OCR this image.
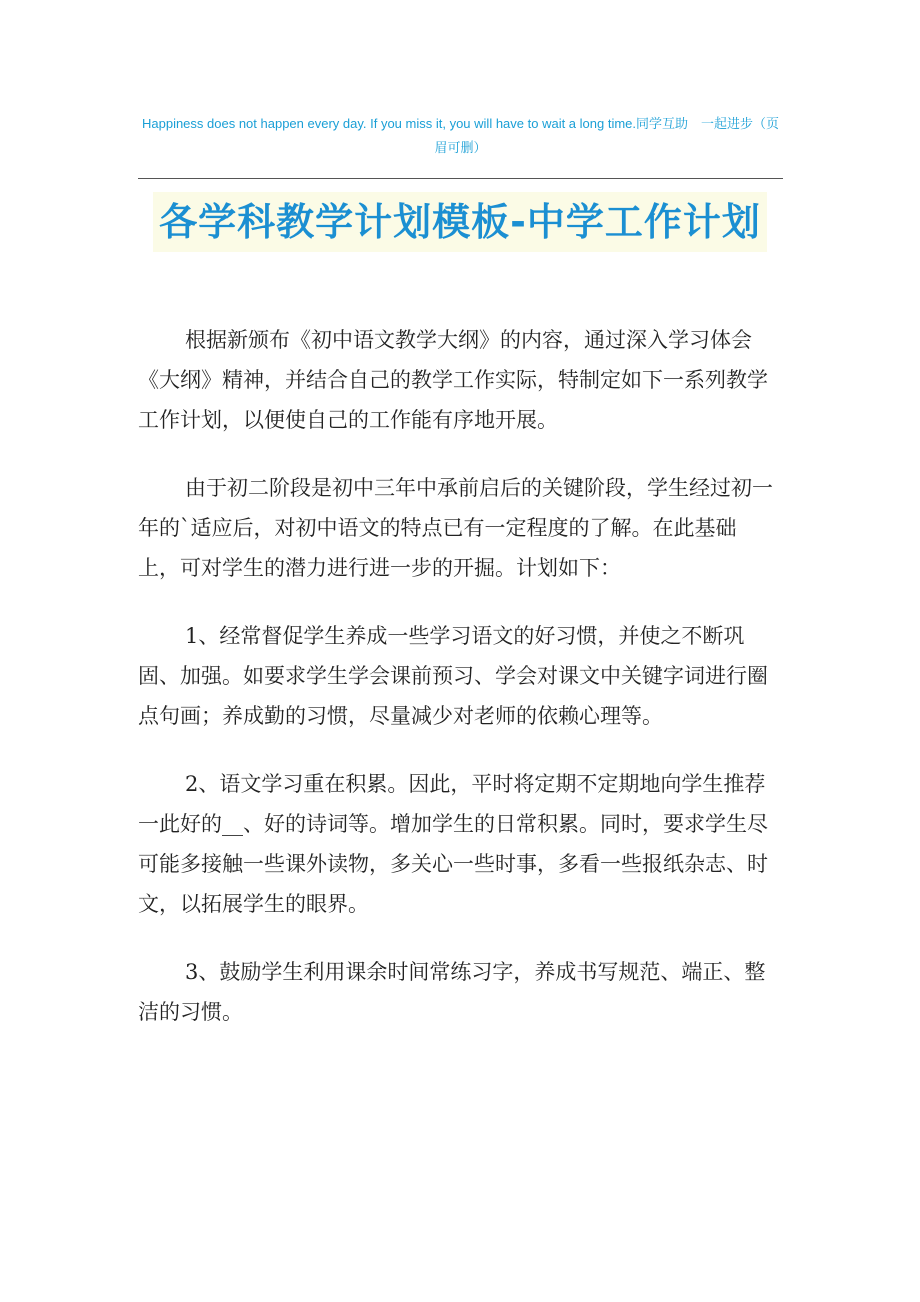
Happiness does not happen every day. If you miss it, you will have to wait a long time.同学互助　一起进步（页眉可删）
各学科教学计划模板-中学工作计划

根据新颁布《初中语文教学大纲》的内容，通过深入学习体会《大纲》精神，并结合自己的教学工作实际，特制定如下一系列教学工作计划，以便使自己的工作能有序地开展。

由于初二阶段是初中三年中承前启后的关键阶段，学生经过初一年的`适应后，对初中语文的特点已有一定程度的了解。在此基础上，可对学生的潜力进行进一步的开掘。计划如下：

1、经常督促学生养成一些学习语文的好习惯，并使之不断巩固、加强。如要求学生学会课前预习、学会对课文中关键字词进行圈点句画；养成勤的习惯，尽量减少对老师的依赖心理等。

2、语文学习重在积累。因此，平时将定期不定期地向学生推荐一此好的__、好的诗词等。增加学生的日常积累。同时，要求学生尽可能多接触一些课外读物，多关心一些时事，多看一些报纸杂志、时文，以拓展学生的眼界。

3、鼓励学生利用课余时间常练习字，养成书写规范、端正、整洁的习惯。
